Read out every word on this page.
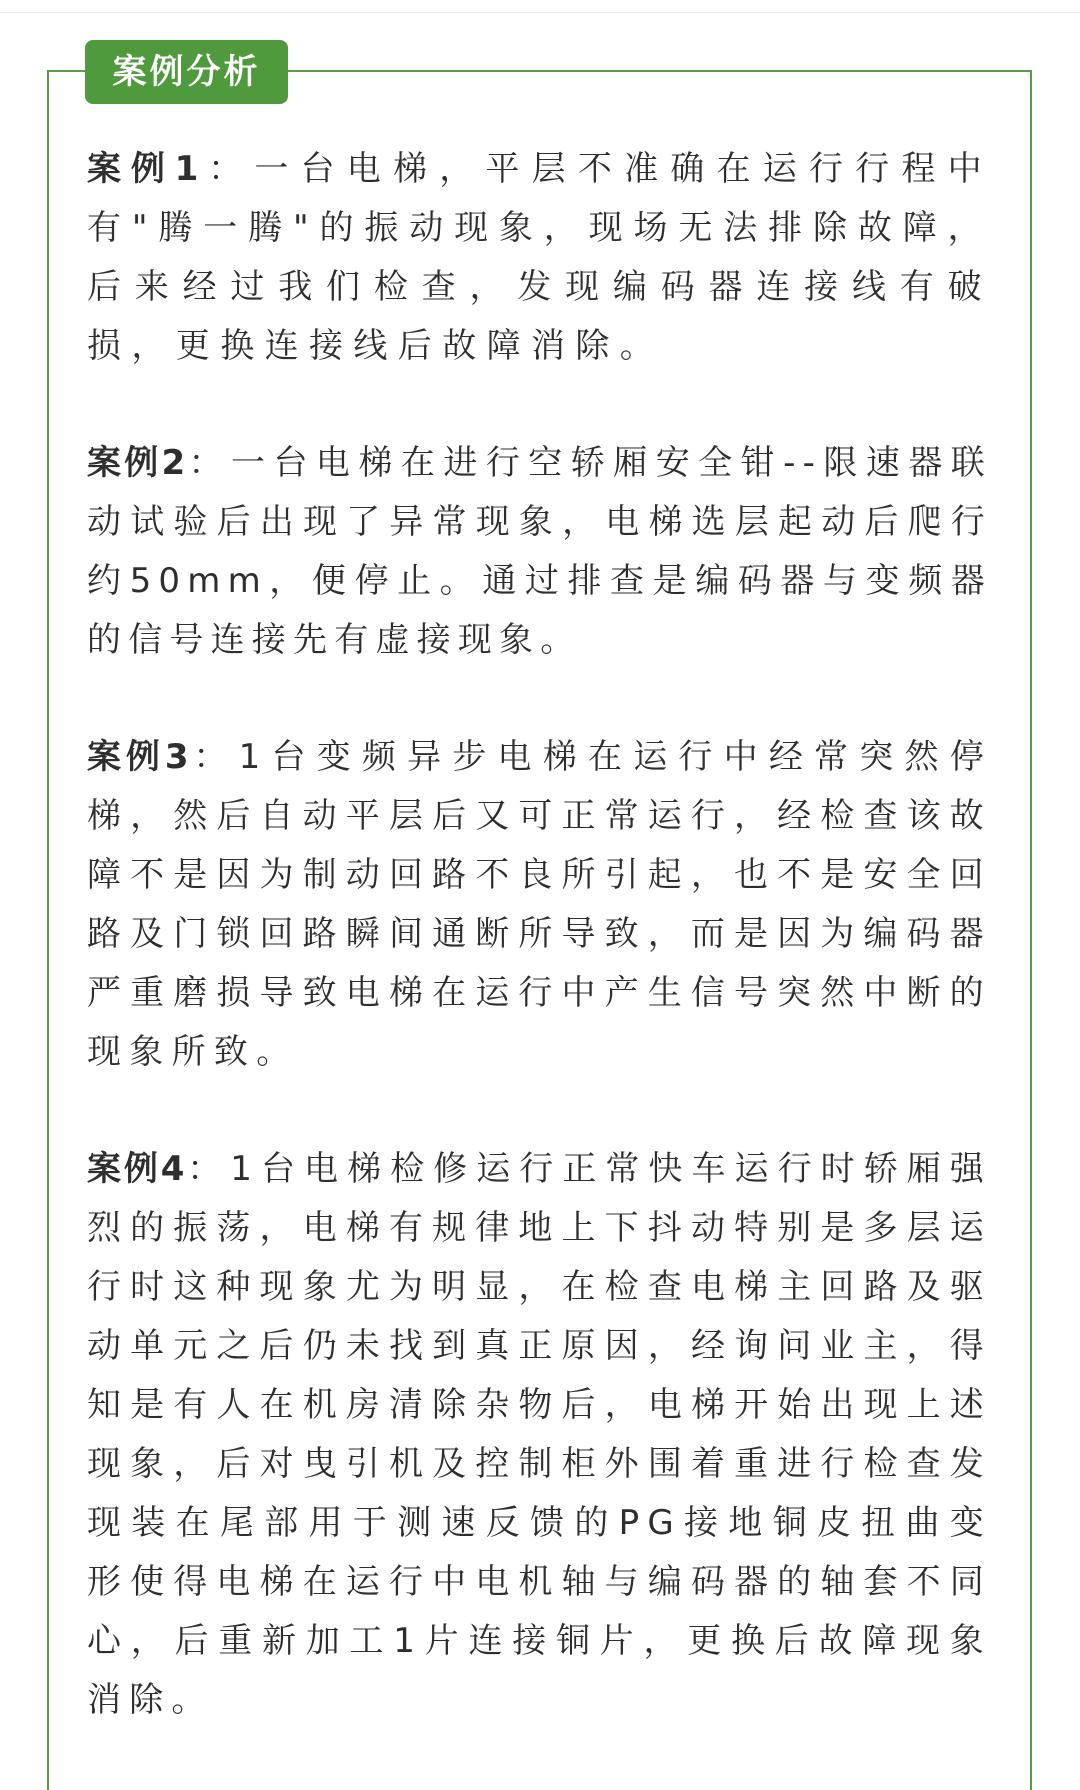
案例分析

案例1：一台电梯，平层不准确在运行行程中有"腾一腾"的振动现象，现场无法排除故障，后来经过我们检查，发现编码器连接线有破损，更换连接线后故障消除。

案例2：一台电梯在进行空轿厢安全钳--限速器联动试验后出现了异常现象，电梯选层起动后爬行约50mm，便停止。通过排查是编码器与变频器的信号连接先有虚接现象。

案例3：1台变频异步电梯在运行中经常突然停梯，然后自动平层后又可正常运行，经检查该故障不是因为制动回路不良所引起，也不是安全回路及门锁回路瞬间通断所导致，而是因为编码器严重磨损导致电梯在运行中产生信号突然中断的现象所致。

案例4：1台电梯检修运行正常快车运行时轿厢强烈的振荡，电梯有规律地上下抖动特别是多层运行时这种现象尤为明显，在检查电梯主回路及驱动单元之后仍未找到真正原因，经询问业主，得知是有人在机房清除杂物后，电梯开始出现上述现象，后对曳引机及控制柜外围着重进行检查发现装在尾部用于测速反馈的PG接地铜皮扭曲变形使得电梯在运行中电机轴与编码器的轴套不同心，后重新加工1片连接铜片，更换后故障现象消除。
